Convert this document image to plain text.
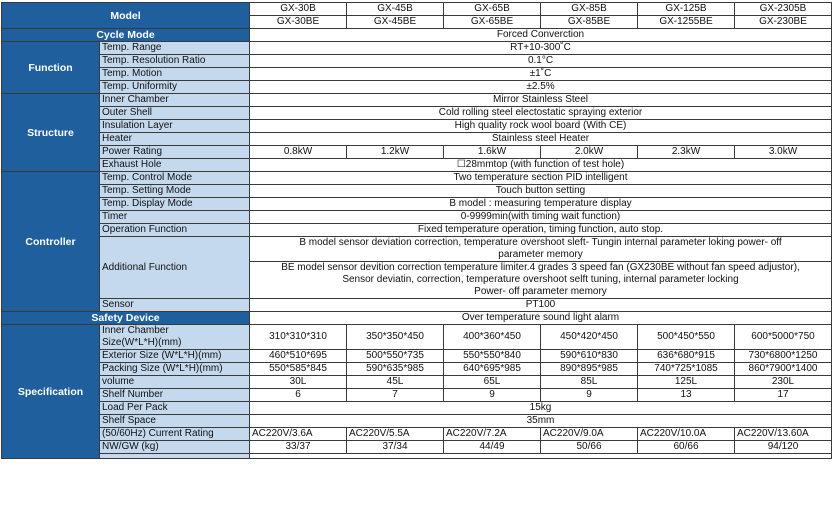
Model		GX-30B	GX-45B	GX-65B	GX-85B	GX-125B	GX-2305B
		GX-30BE	GX-45BE	GX-65BE	GX-85BE	GX-1255BE	GX-230BE
Cycle Mode		Forced Converction					
Function	Temp. Range	RT+10-300˚C					
	Temp. Resolution Ratio	0.1°C					
	Temp. Motion	±1˚C					
	Temp. Uniformity	±2.5%					
Structure	Inner Chamber	Mirror Stainless Steel					
	Outer Shell	Cold rolling steel electostatic spraying exterior					
	Insulation Layer	High quality rock wool board (With CE)					
	Heater	Stainless steel Heater					
	Power Rating	0.8kW	1.2kW	1.6kW	2.0kW	2.3kW	3.0kW
	Exhaust Hole	☐28mmtop (with function of test hole)					
Controller	Temp. Control Mode	Two temperature section PID intelligent					
	Temp. Setting Mode	Touch button setting					
	Temp. Display Mode	B model : measuring temperature display					
	Timer	0-9999min(with timing wait function)					
	Operation Function	Fixed temperature operation, timing function, auto stop.					
	Additional Function	B model sensor deviation correction, temperature overshoot sleft- Tungin internal parameter loking power- off					
		parameter memory					
		BE model sensor devition correction temperature limiter.4 grades 3 speed fan (GX230BE without fan speed adjustor),					
		Sensor deviatin, correction, temperature overshoot selft tuning, internal parameter locking					
		Power- off parameter memory					
	Sensor	PT100					
Safety Device		Over temperature sound light alarm					
Specification	Inner Chamber	310*310*310	350*350*450	400*360*450	450*420*450	500*450*550	600*5000*750
	Size(W*L*H)(mm)						
	Exterior Size (W*L*H)(mm)	460*510*695	500*550*735	550*550*840	590*610*830	636*680*915	730*6800*1250
	Packing Size (W*L*H)(mm)	550*585*845	590*635*985	640*695*985	890*895*985	740*725*1085	860*7900*1400
	volume	30L	45L	65L	85L	125L	230L
	Shelf Number	6	7	9	9	13	17
	Load Per Pack	15kg					
	Shelf Space	35mm					
	(50/60Hz) Current Rating	AC220V/3.6A	AC220V/5.5A	AC220V/7.2A	AC220V/9.0A	AC220V/10.0A	AC220V/13.60A
	NW/GW (kg)	33/37	37/34	44/49	50/66	60/66	94/120
